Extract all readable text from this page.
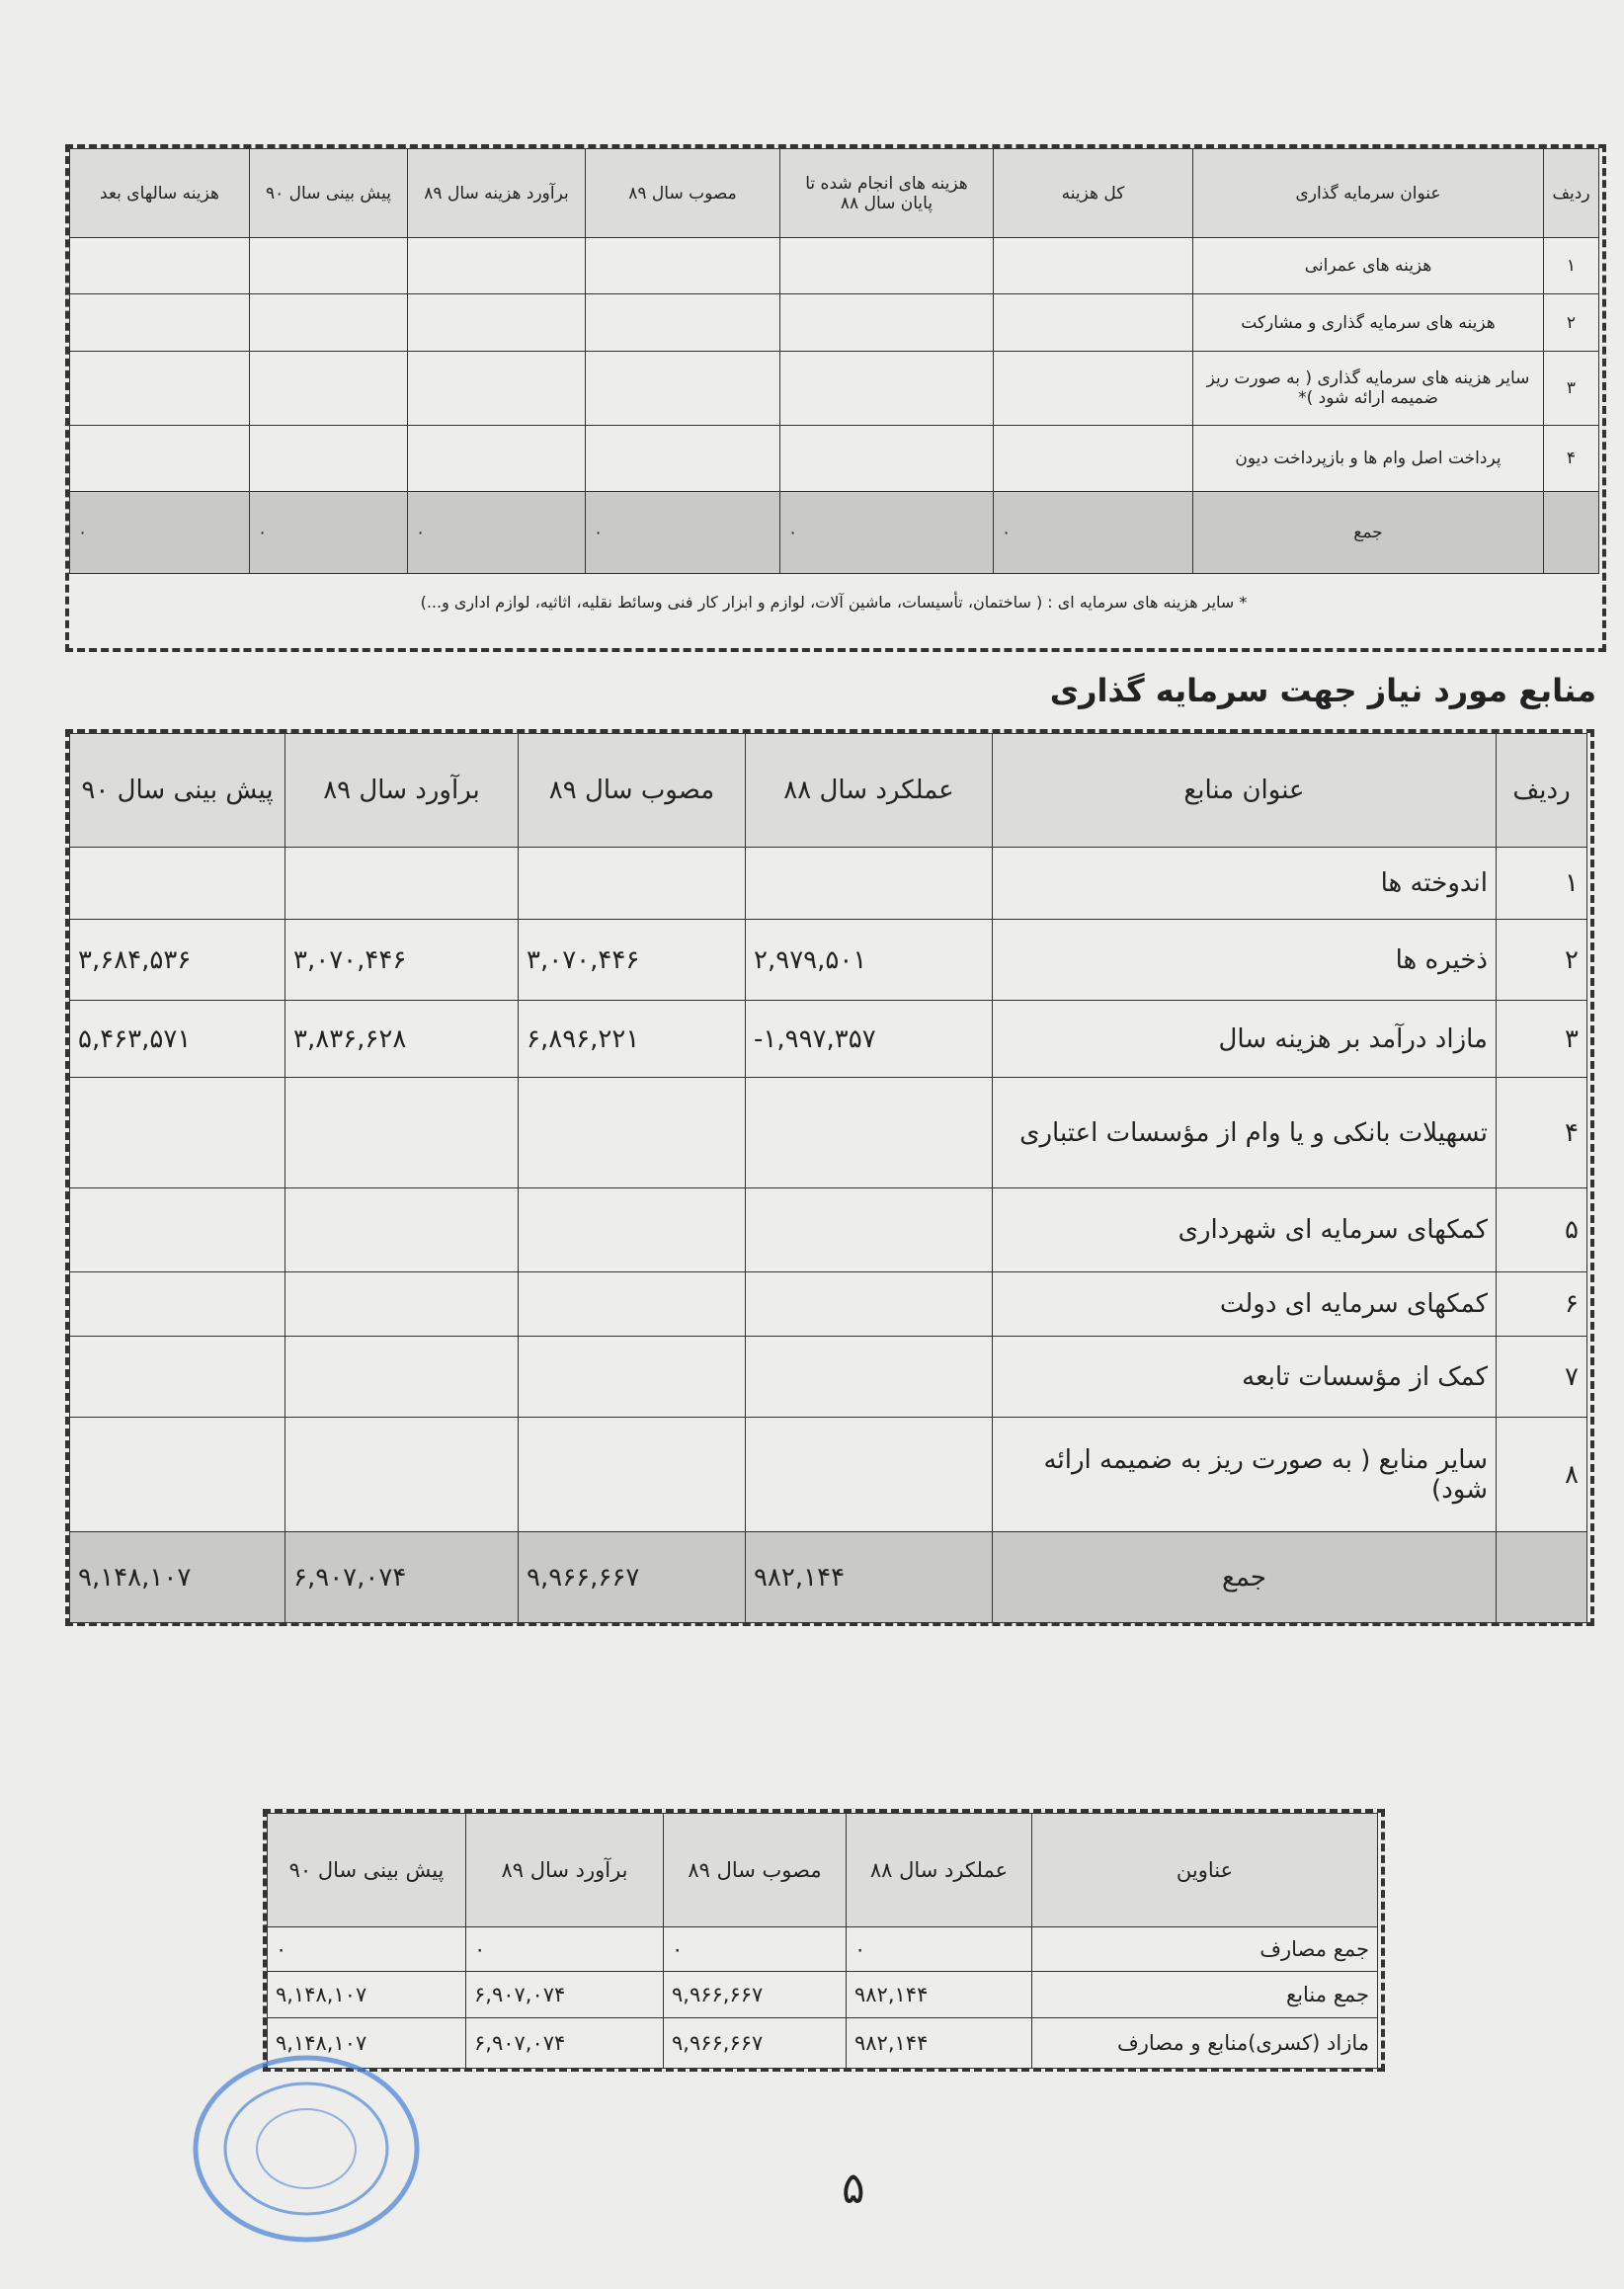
ردیف	عنوان سرمایه گذاری	کل هزینه	هزینه های انجام شده تا پایان سال ۸۸	مصوب سال ۸۹	برآورد هزینه سال ۸۹	پیش بینی سال ۹۰	هزینه سالهای بعد
۱	هزینه های عمرانی						
۲	هزینه های سرمایه گذاری و مشارکت						
۳	سایر هزینه های سرمایه گذاری ( به صورت ریز ضمیمه ارائه شود )*						
۴	پرداخت اصل وام ها و بازپرداخت دیون						
	جمع	۰	۰	۰	۰	۰	۰
* سایر هزینه های سرمایه ای : ( ساختمان، تأسیسات، ماشین آلات، لوازم و ابزار کار فنی وسائط نقلیه، اثاثیه، لوازم اداری و...)
منابع مورد نیاز جهت سرمایه گذاری
ردیف	عنوان منابع	عملکرد سال ۸۸	مصوب سال ۸۹	برآورد سال ۸۹	پیش بینی سال ۹۰
۱	اندوخته ها				
۲	ذخیره ها	۲,۹۷۹,۵۰۱	۳,۰۷۰,۴۴۶	۳,۰۷۰,۴۴۶	۳,۶۸۴,۵۳۶
۳	مازاد درآمد بر هزینه سال	-۱,۹۹۷,۳۵۷	۶,۸۹۶,۲۲۱	۳,۸۳۶,۶۲۸	۵,۴۶۳,۵۷۱
۴	تسهیلات بانکی و یا وام از مؤسسات اعتباری				
۵	کمکهای سرمایه ای شهرداری				
۶	کمکهای سرمایه ای دولت				
۷	کمک از مؤسسات تابعه				
۸	سایر منابع ( به صورت ریز به ضمیمه ارائه شود)				
	جمع	۹۸۲,۱۴۴	۹,۹۶۶,۶۶۷	۶,۹۰۷,۰۷۴	۹,۱۴۸,۱۰۷
عناوین	عملکرد سال ۸۸	مصوب سال ۸۹	برآورد سال ۸۹	پیش بینی سال ۹۰
جمع مصارف	۰	۰	۰	۰
جمع منابع	۹۸۲,۱۴۴	۹,۹۶۶,۶۶۷	۶,۹۰۷,۰۷۴	۹,۱۴۸,۱۰۷
مازاد (کسری)منابع و مصارف	۹۸۲,۱۴۴	۹,۹۶۶,۶۶۷	۶,۹۰۷,۰۷۴	۹,۱۴۸,۱۰۷
۵
